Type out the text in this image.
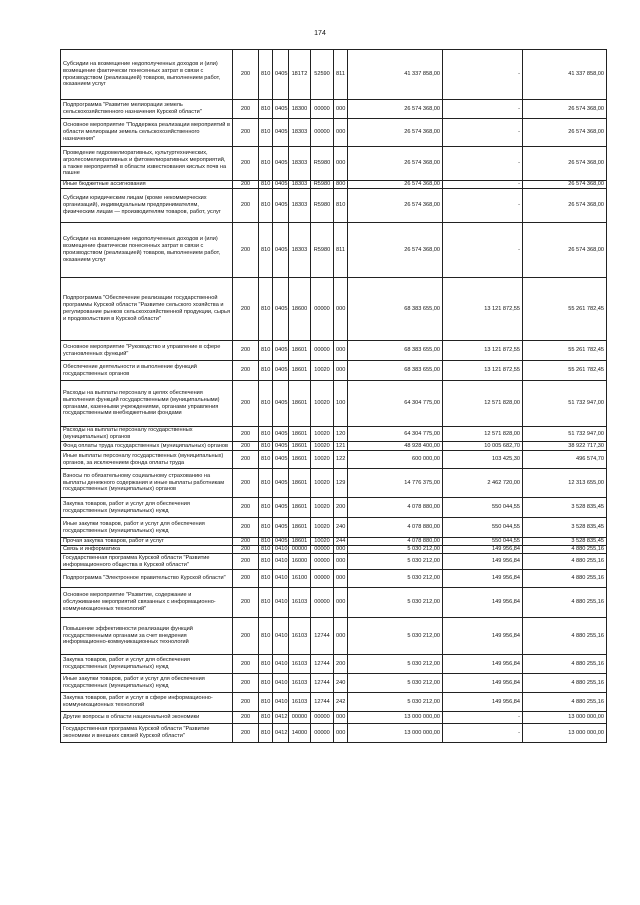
174
Субсидии на возмещение недополученных доходов и (или) возмещение фактически понесенных затрат в связи с производством (реализацией) товаров, выполнением работ, оказанием услуг	200	810	0405	181T2	52590	811	41 337 858,00	-	41 337 858,00
Подпрограмма "Развитие мелиорации земель сельскохозяйственного назначения Курской области"	200	810	0405	18300	00000	000	26 574 368,00	-	26 574 368,00
Основное мероприятие "Поддержка реализации мероприятий в области мелиорации земель сельскохозяйственного назначения"	200	810	0405	18303	00000	000	26 574 368,00	-	26 574 368,00
Проведение гидромелиоративных, культуртехнических, агролесомелиоративных и фитомелиоративных мероприятий, а также мероприятий в области известкования кислых почв на пашне	200	810	0405	18303	R5980	000	26 574 368,00	-	26 574 368,00
Иные бюджетные ассигнования	200	810	0405	18303	R5980	800	26 574 368,00	-	26 574 368,00
Субсидии юридическим лицам (кроме некоммерческих организаций), индивидуальным предпринимателям, физическим лицам — производителям товаров, работ, услуг	200	810	0405	18303	R5980	810	26 574 368,00	-	26 574 368,00
Субсидии на возмещение недополученных доходов и (или) возмещение фактически понесенных затрат в связи с производством (реализацией) товаров, выполнением работ, оказанием услуг	200	810	0405	18303	R5980	811	26 574 368,00	-	26 574 368,00
Подпрограмма "Обеспечение реализации государственной программы Курской области "Развитие сельского хозяйства и регулирование рынков сельскохозяйственной продукции, сырья и продовольствия в Курской области"	200	810	0405	18600	00000	000	68 383 655,00	13 121 872,55	55 261 782,45
Основное мероприятие "Руководство и управление в сфере установленных функций"	200	810	0405	18601	00000	000	68 383 655,00	13 121 872,55	55 261 782,45
Обеспечение деятельности и выполнение функций государственных органов	200	810	0405	18601	10020	000	68 383 655,00	13 121 872,55	55 261 782,45
Расходы на выплаты персоналу в целях обеспечения выполнения функций государственными (муниципальными) органами, казенными учреждениями, органами управления государственными внебюджетными фондами	200	810	0405	18601	10020	100	64 304 775,00	12 571 828,00	51 732 947,00
Расходы на выплаты персоналу государственных (муниципальных) органов	200	810	0405	18601	10020	120	64 304 775,00	12 571 828,00	51 732 947,00
Фонд оплаты труда государственных (муниципальных) органов	200	810	0405	18601	10020	121	48 928 400,00	10 005 682,70	38 922 717,30
Иные выплаты персоналу государственных (муниципальных) органов, за исключением фонда оплаты труда	200	810	0405	18601	10020	122	600 000,00	103 425,30	496 574,70
Взносы по обязательному социальному страхованию на выплаты денежного содержания и иные выплаты работникам государственных (муниципальных) органов	200	810	0405	18601	10020	129	14 776 375,00	2 462 720,00	12 313 655,00
Закупка товаров, работ и услуг для обеспечения государственных (муниципальных) нужд	200	810	0405	18601	10020	200	4 078 880,00	550 044,55	3 528 835,45
Иные закупки товаров, работ и услуг для обеспечения государственных (муниципальных) нужд	200	810	0405	18601	10020	240	4 078 880,00	550 044,55	3 528 835,45
Прочая закупка товаров, работ и услуг	200	810	0405	18601	10020	244	4 078 880,00	550 044,55	3 528 835,45
Связь и информатика	200	810	0410	00000	00000	000	5 030 212,00	149 956,84	4 880 255,16
Государственная программа Курской области "Развитие информационного общества в Курской области"	200	810	0410	16000	00000	000	5 030 212,00	149 956,84	4 880 255,16
Подпрограмма "Электронное правительство Курской области"	200	810	0410	16100	00000	000	5 030 212,00	149 956,84	4 880 255,16
Основное мероприятие "Развитие, содержание и обслуживание мероприятий связанных с информационно-коммуникационных технологий"	200	810	0410	16103	00000	000	5 030 212,00	149 956,84	4 880 255,16
Повышение эффективности реализации функций государственными органами за счет внедрения информационно-коммуникационных технологий	200	810	0410	16103	12744	000	5 030 212,00	149 956,84	4 880 255,16
Закупка товаров, работ и услуг для обеспечения государственных (муниципальных) нужд	200	810	0410	16103	12744	200	5 030 212,00	149 956,84	4 880 255,16
Иные закупки товаров, работ и услуг для обеспечения государственных (муниципальных) нужд	200	810	0410	16103	12744	240	5 030 212,00	149 956,84	4 880 255,16
Закупка товаров, работ и услуг в сфере информационно-коммуникационных технологий	200	810	0410	16103	12744	242	5 030 212,00	149 956,84	4 880 255,16
Другие вопросы в области национальной экономики	200	810	0412	00000	00000	000	13 000 000,00	-	13 000 000,00
Государственная программа Курской области "Развитие экономики и внешних связей Курской области"	200	810	0412	14000	00000	000	13 000 000,00	-	13 000 000,00
